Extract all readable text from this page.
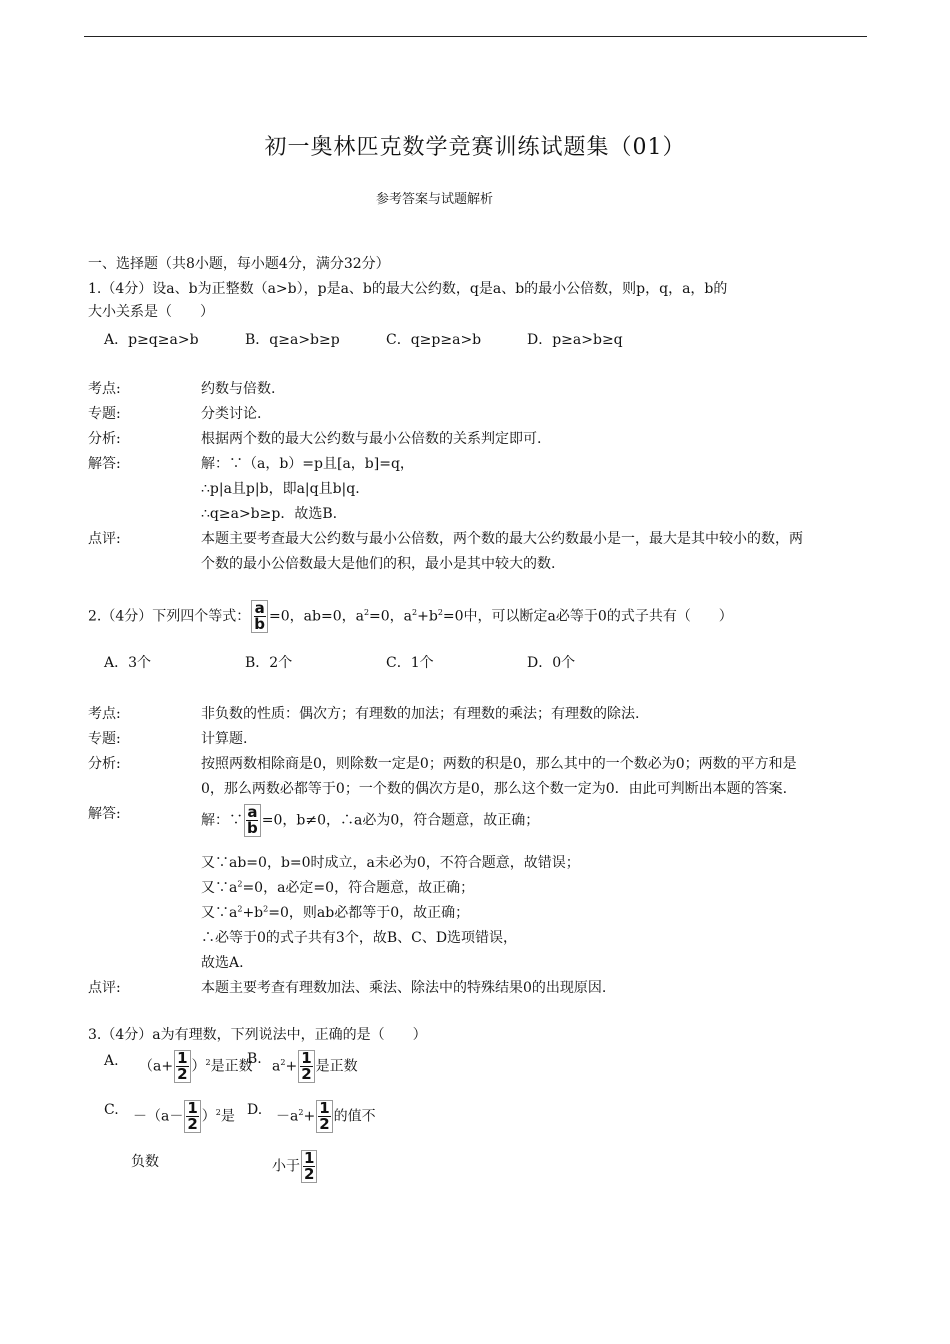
初一奥林匹克数学竞赛训练试题集（01）
参考答案与试题解析
一、选择题（共8小题，每小题4分，满分32分）
1.（4分）设a、b为正整数（a>b），p是a、b的最大公约数，q是a、b的最小公倍数，则p，q，a，b的
大小关系是（　　）
A．p≥q≥a>b	B．q≥a>b≥p	C．q≥p≥a>b	D．p≥a>b≥q
考点:	约数与倍数.
专题:	分类讨论.
分析:	根据两个数的最大公约数与最小公倍数的关系判定即可.
解答:	解：∵（a，b）=p且[a，b]=q，
∴p|a且p|b，即a|q且b|q.
∴q≥a>b≥p．故选B.
点评:	本题主要考查最大公约数与最小公倍数，两个数的最大公约数最小是一，最大是其中较小的数，两
个数的最小公倍数最大是他们的积，最小是其中较大的数.
2.（4分）下列四个等式： $\frac{a}{b} =0$，ab=0，$a^2=0$，$a^2+b^2=0$中，可以断定a必等于0的式子共有（　　）
A．3个	B．2个	C．1个	D．0个
考点:	非负数的性质：偶次方；有理数的加法；有理数的乘法；有理数的除法.
专题:	计算题.
分析:	按照两数相除商是0，则除数一定是0；两数的积是0，那么其中的一个数必为0；两数的平方和是
0，那么两数必都等于0；一个数的偶次方是0，那么这个数一定为0．由此可判断出本题的答案.
解答:	解：∵ $\frac{a}{b} =0$，b≠0，∴a必为0，符合题意，故正确；
又∵ab=0，b=0时成立，a未必为0，不符合题意，故错误；
又$\because a^2=0$，a必定=0，符合题意，故正确；
又$\because a^2+b^2=0$，则ab必都等于0，故正确；
∴必等于0的式子共有3个，故B、C、D选项错误，
故选A.
点评:	本题主要考查有理数加法、乘法、除法中的特殊结果0的出现原因.
3.（4分）a为有理数，下列说法中，正确的是（　　）
A. $(a+ \frac{1}{2} )^2$是正数
B. $a^2+ \frac{1}{2}$ 是正数
C. $-(a- \frac{1}{2} )^2$是
负数
D. $-a^2+ \frac{1}{2}$ 的值不
小于 $\frac{1}{2}$
